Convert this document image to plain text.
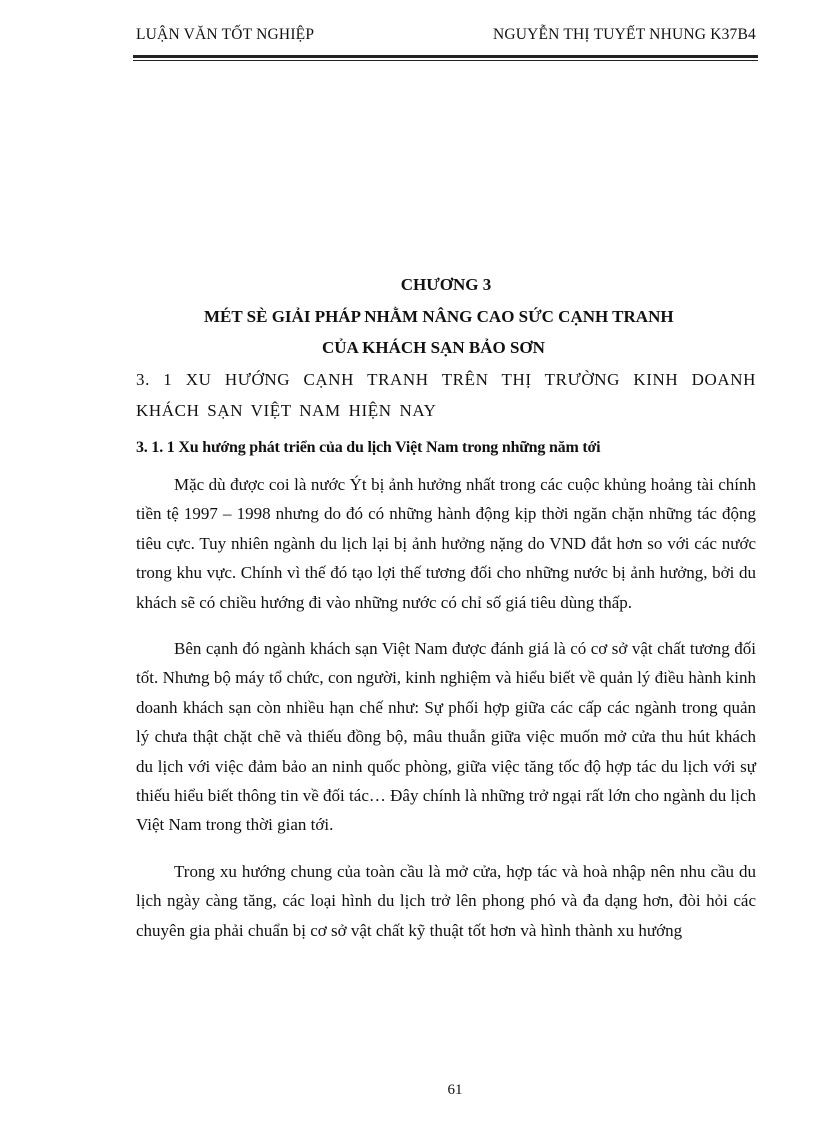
LUẬN VĂN TỐT NGHIỆP	NGUYỄN THỊ TUYẾT NHUNG K37B4
CHƯƠNG 3
MÉT SÈ GIẢI PHÁP NHẰM NÂNG CAO SỨC CẠNH TRANH
CỦA KHÁCH SẠN BẢO SƠN
3. 1 XU HƯỚNG CẠNH TRANH TRÊN THỊ TRƯỜNG KINH DOANH KHÁCH SẠN VIỆT NAM HIỆN NAY
3. 1. 1 Xu hướng phát triển của du lịch Việt Nam trong những năm tới

Mặc dù được coi là nước Ýt bị ảnh hưởng nhất trong các cuộc khủng hoảng tài chính tiền tệ 1997 – 1998 nhưng do đó có những hành động kịp thời ngăn chặn những tác động tiêu cực. Tuy nhiên ngành du lịch lại bị ảnh hưởng nặng do VND đắt hơn so với các nước trong khu vực. Chính vì thế đó tạo lợi thế tương đối cho những nước bị ảnh hưởng, bởi du khách sẽ có chiều hướng đi vào những nước có chỉ số giá tiêu dùng thấp.

Bên cạnh đó ngành khách sạn Việt Nam được đánh giá là có cơ sở vật chất tương đối tốt. Nhưng bộ máy tổ chức, con người, kinh nghiệm và hiểu biết về quản lý điều hành kinh doanh khách sạn còn nhiều hạn chế như: Sự phối hợp giữa các cấp các ngành trong quản lý chưa thật chặt chẽ và thiếu đồng bộ, mâu thuẫn giữa việc muốn mở cửa thu hút khách du lịch với việc đảm bảo an ninh quốc phòng, giữa việc tăng tốc độ hợp tác du lịch với sự thiếu hiểu biết thông tin về đối tác… Đây chính là những trở ngại rất lớn cho ngành du lịch Việt Nam trong thời gian tới.

Trong xu hướng chung của toàn cầu là mở cửa, hợp tác và hoà nhập nên nhu cầu du lịch ngày càng tăng, các loại hình du lịch trở lên phong phó và đa dạng hơn, đòi hỏi các chuyên gia phải chuẩn bị cơ sở vật chất kỹ thuật tốt hơn và hình thành xu hướng

61
